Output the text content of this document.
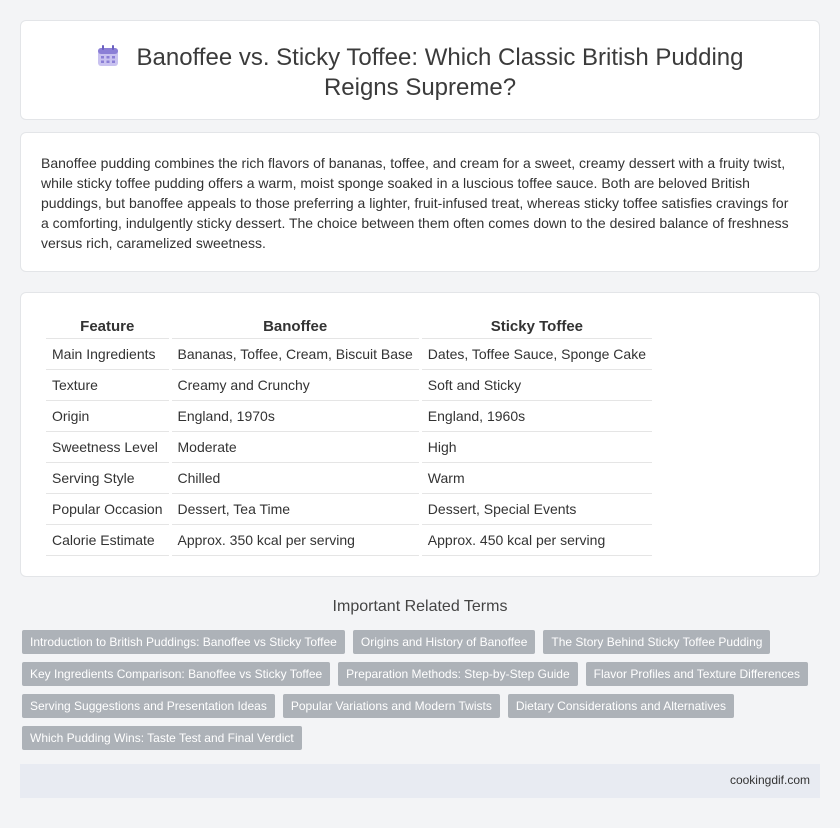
Banoffee vs. Sticky Toffee: Which Classic British Pudding Reigns Supreme?

Banoffee pudding combines the rich flavors of bananas, toffee, and cream for a sweet, creamy dessert with a fruity twist, while sticky toffee pudding offers a warm, moist sponge soaked in a luscious toffee sauce. Both are beloved British puddings, but banoffee appeals to those preferring a lighter, fruit-infused treat, whereas sticky toffee satisfies cravings for a comforting, indulgently sticky dessert. The choice between them often comes down to the desired balance of freshness versus rich, caramelized sweetness.

Feature	Banoffee	Sticky Toffee
Main Ingredients	Bananas, Toffee, Cream, Biscuit Base	Dates, Toffee Sauce, Sponge Cake
Texture	Creamy and Crunchy	Soft and Sticky
Origin	England, 1970s	England, 1960s
Sweetness Level	Moderate	High
Serving Style	Chilled	Warm
Popular Occasion	Dessert, Tea Time	Dessert, Special Events
Calorie Estimate	Approx. 350 kcal per serving	Approx. 450 kcal per serving
Important Related Terms
Introduction to British Puddings: Banoffee vs Sticky Toffee	Origins and History of Banoffee	The Story Behind Sticky Toffee Pudding
Key Ingredients Comparison: Banoffee vs Sticky Toffee	Preparation Methods: Step-by-Step Guide	Flavor Profiles and Texture Differences
Serving Suggestions and Presentation Ideas	Popular Variations and Modern Twists	Dietary Considerations and Alternatives
Which Pudding Wins: Taste Test and Final Verdict
cookingdif.com
